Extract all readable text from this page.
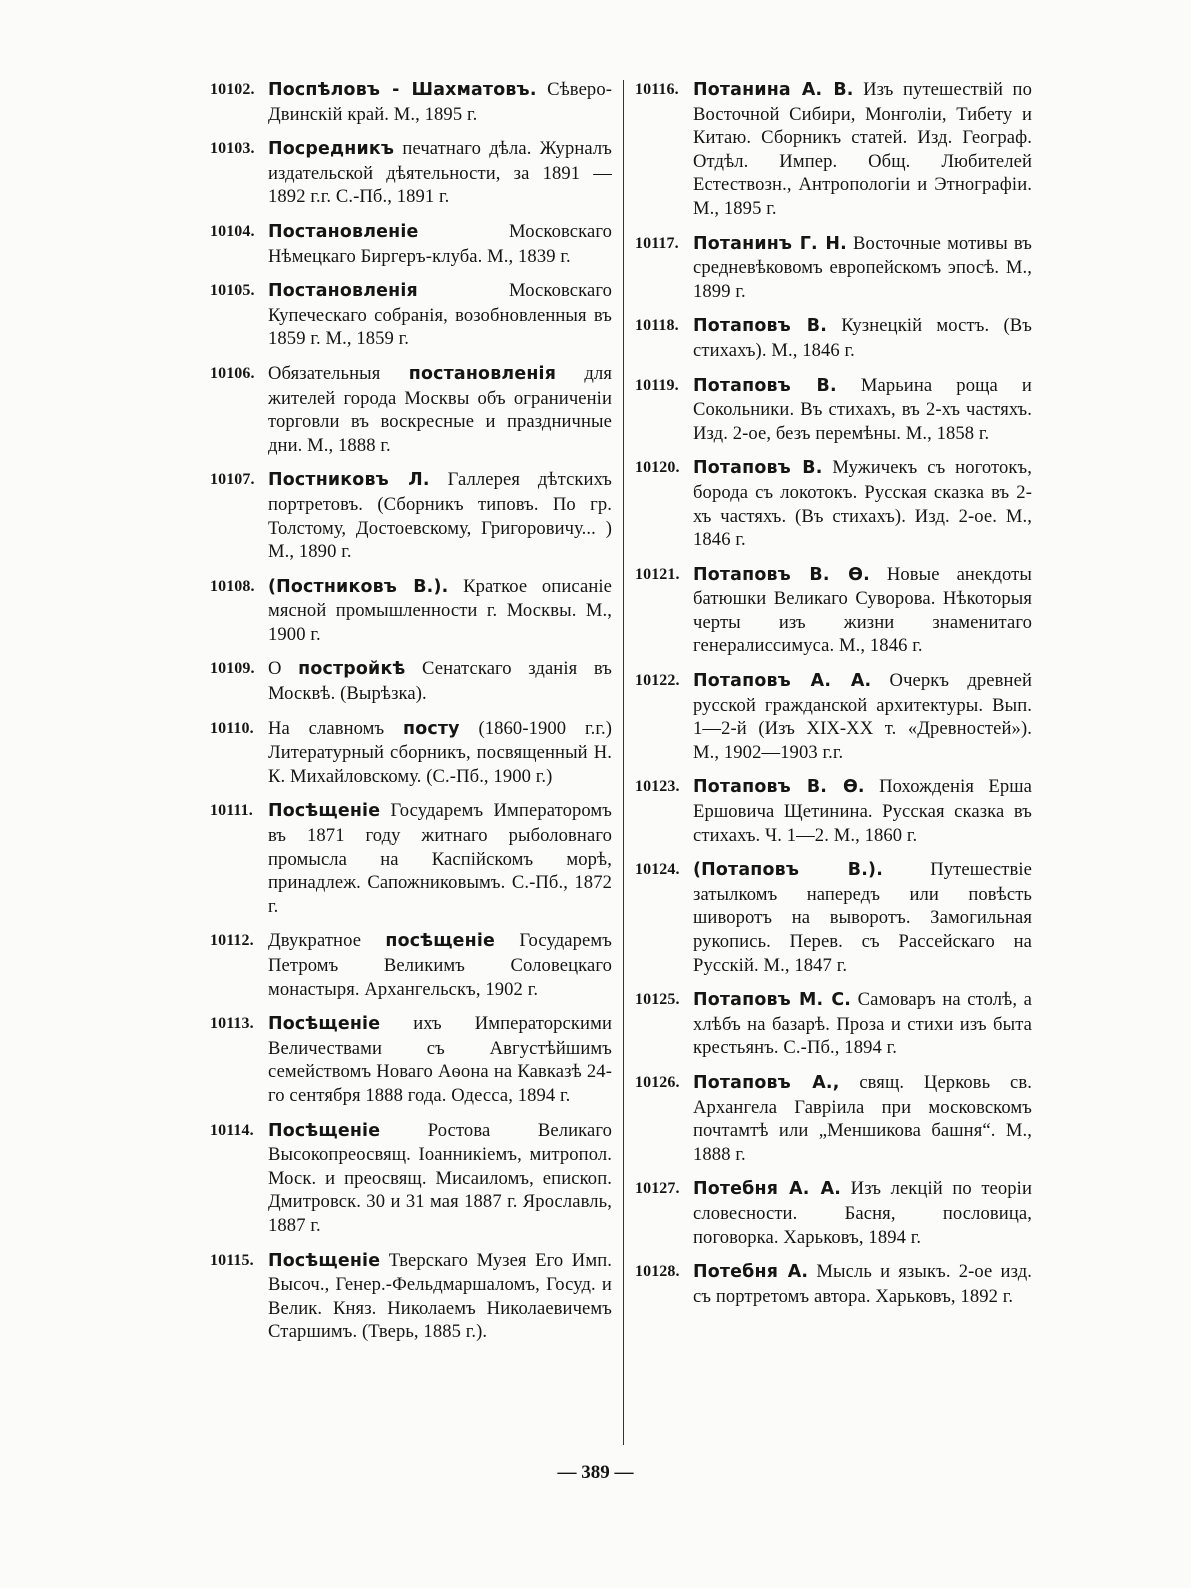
10102. Поспѣловъ - Шахматовъ. Сѣверо-Двинскій край. М., 1895 г.
10103. Посредникъ печатнаго дѣла. Журналъ издательской дѣятельности, за 1891 — 1892 г.г. С.-Пб., 1891 г.
10104. Постановленіе Московскаго Нѣмецкаго Биргеръ-клуба. М., 1839 г.
10105. Постановленія Московскаго Купеческаго собранія, возобновленныя въ 1859 г. М., 1859 г.
10106. Обязательныя постановленія для жителей города Москвы объ ограниченіи торговли въ воскресные и праздничные дни. М., 1888 г.
10107. Постниковъ Л. Галлерея дѣтскихъ портретовъ. (Сборникъ типовъ. По гр. Толстому, Достоевскому, Григоровичу... ) М., 1890 г.
10108. (Постниковъ В.). Краткое описаніе мясной промышленности г. Москвы. М., 1900 г.
10109. О постройкѣ Сенатскаго зданія въ Москвѣ. (Вырѣзка).
10110. На славномъ посту (1860-1900 г.г.) Литературный сборникъ, посвященный Н. К. Михайловскому. (С.-Пб., 1900 г.)
10111. Посѣщеніе Государемъ Императоромъ въ 1871 году житнаго рыболовнаго промысла на Каспійскомъ морѣ, принадлеж. Сапожниковымъ. С.-Пб., 1872 г.
10112. Двукратное посѣщеніе Государемъ Петромъ Великимъ Соловецкаго монастыря. Архангельскъ, 1902 г.
10113. Посѣщеніе ихъ Императорскими Величествами съ Августѣйшимъ семействомъ Новаго Аѳона на Кавказѣ 24-го сентября 1888 года. Одесса, 1894 г.
10114. Посѣщеніе Ростова Великаго Высокопреосвящ. Іоанникіемъ, митропол. Моск. и преосвящ. Мисаиломъ, епископ. Дмитровск. 30 и 31 мая 1887 г. Ярославль, 1887 г.
10115. Посѣщеніе Тверскаго Музея Его Имп. Высоч., Генер.-Фельдмаршаломъ, Госуд. и Велик. Княз. Николаемъ Николаевичемъ Старшимъ. (Тверь, 1885 г.).
10116. Потанина А. В. Изъ путешествій по Восточной Сибири, Монголіи, Тибету и Китаю. Сборникъ статей. Изд. Географ. Отдѣл. Импер. Общ. Любителей Естествозн., Антропологіи и Этнографіи. М., 1895 г.
10117. Потанинъ Г. Н. Восточные мотивы въ средневѣковомъ европейскомъ эпосѣ. М., 1899 г.
10118. Потаповъ В. Кузнецкій мостъ. (Въ стихахъ). М., 1846 г.
10119. Потаповъ В. Марьина роща и Сокольники. Въ стихахъ, въ 2-хъ частяхъ. Изд. 2-ое, безъ перемѣны. М., 1858 г.
10120. Потаповъ В. Мужичекъ съ ноготокъ, борода съ локотокъ. Русская сказка въ 2-хъ частяхъ. (Въ стихахъ). Изд. 2-ое. М., 1846 г.
10121. Потаповъ В. Ѳ. Новые анекдоты батюшки Великаго Суворова. Нѣкоторыя черты изъ жизни знаменитаго генералиссимуса. М., 1846 г.
10122. Потаповъ А. А. Очеркъ древней русской гражданской архитектуры. Вып. 1—2-й (Изъ XIX-XX т. «Древностей»). М., 1902—1903 г.г.
10123. Потаповъ В. Ѳ. Похожденія Ерша Ершовича Щетинина. Русская сказка въ стихахъ. Ч. 1—2. М., 1860 г.
10124. (Потаповъ В.). Путешествіе затылкомъ напередъ или повѣсть шиворотъ на выворотъ. Замогильная рукопись. Перев. съ Рассейскаго на Русскій. М., 1847 г.
10125. Потаповъ М. С. Самоваръ на столѣ, а хлѣбъ на базарѣ. Проза и стихи изъ быта крестьянъ. С.-Пб., 1894 г.
10126. Потаповъ А., свящ. Церковь св. Архангела Гавріила при московскомъ почтамтѣ или „Меншикова башня“. М., 1888 г.
10127. Потебня А. А. Изъ лекцій по теоріи словесности. Басня, пословица, поговорка. Харьковъ, 1894 г.
10128. Потебня А. Мысль и языкъ. 2-ое изд. съ портретомъ автора. Харьковъ, 1892 г.
— 389 —
